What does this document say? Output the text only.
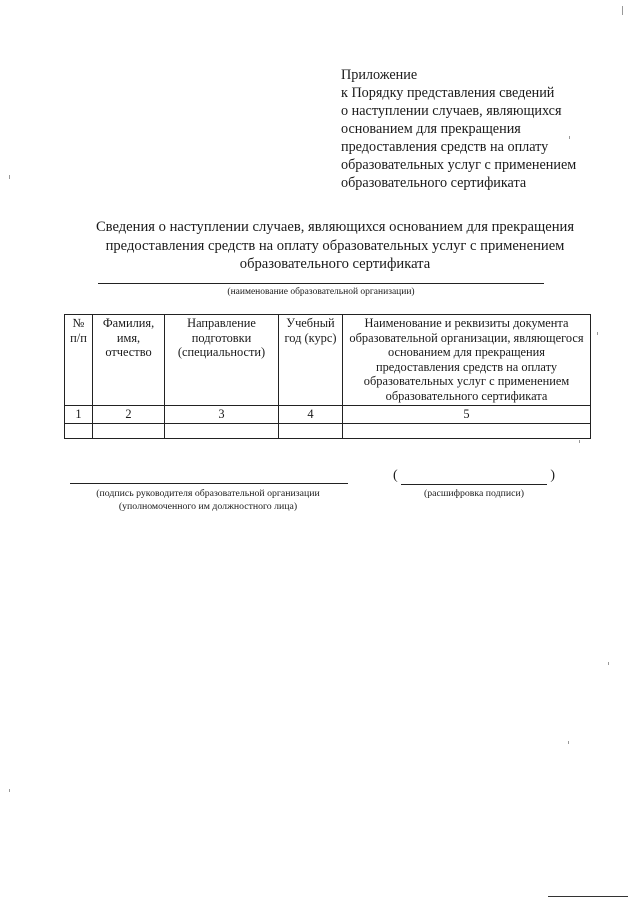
Приложение
к Порядку представления сведений
о наступлении случаев, являющихся
основанием для прекращения
предоставления средств на оплату
образовательных услуг с применением
образовательного сертификата
Сведения о наступлении случаев, являющихся основанием для прекращения
предоставления средств на оплату образовательных услуг с применением
образовательного сертификата
(наименование образовательной организации)
№ п/п	Фамилия, имя, отчество	Направление подготовки (специальности)	Учебный год (курс)	Наименование и реквизиты документа образовательной организации, являющегося основанием для прекращения предоставления средств на оплату образовательных услуг с применением образовательного сертификата
1	2	3	4	5

(подпись руководителя образовательной организации
(уполномоченного им должностного лица)
(	)
(расшифровка подписи)
